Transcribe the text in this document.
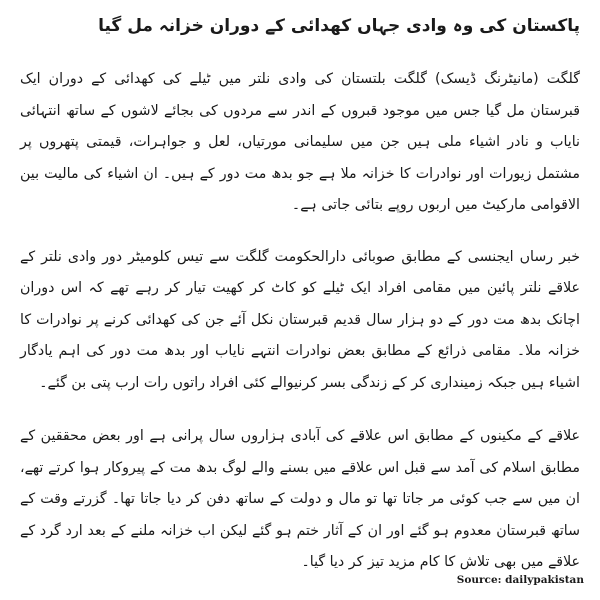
پاکستان کی وہ وادی جہاں کھدائی کے دوران خزانہ مل گیا

گلگت (مانیٹرنگ ڈیسک) گلگت بلتستان کی وادی نلتر میں ٹیلے کی کھدائی کے دوران ایک قبرستان مل گیا جس میں موجود قبروں کے اندر سے مردوں کی بجائے لاشوں کے ساتھ انتہائی نایاب و نادر اشیاء ملی ہیں جن میں سلیمانی مورتیاں، لعل و جواہرات، قیمتی پتھروں پر مشتمل زیورات اور نوادرات کا خزانہ ملا ہے جو بدھ مت دور کے ہیں۔ ان اشیاء کی مالیت بین الاقوامی مارکیٹ میں اربوں روپے بتائی جاتی ہے۔

خبر رساں ایجنسی کے مطابق صوبائی دارالحکومت گلگت سے تیس کلومیٹر دور وادی نلتر کے علاقے نلتر پائین میں مقامی افراد ایک ٹیلے کو کاٹ کر کھیت تیار کر رہے تھے کہ اس دوران اچانک بدھ مت دور کے دو ہزار سال قدیم قبرستان نکل آئے جن کی کھدائی کرنے پر نوادرات کا خزانہ ملا۔ مقامی ذرائع کے مطابق بعض نوادرات انتہے نایاب اور بدھ مت دور کی اہم یادگار اشیاء ہیں جبکہ زمینداری کر کے زندگی بسر کرنیوالے کئی افراد راتوں رات ارب پتی بن گئے۔

علاقے کے مکینوں کے مطابق اس علاقے کی آبادی ہزاروں سال پرانی ہے اور بعض محققین کے مطابق اسلام کی آمد سے قبل اس علاقے میں بسنے والے لوگ بدھ مت کے پیروکار ہوا کرتے تھے، ان میں سے جب کوئی مر جاتا تھا تو مال و دولت کے ساتھ دفن کر دیا جاتا تھا۔ گزرتے وقت کے ساتھ قبرستان معدوم ہو گئے اور ان کے آثار ختم ہو گئے لیکن اب خزانہ ملنے کے بعد ارد گرد کے علاقے میں بھی تلاش کا کام مزید تیز کر دیا گیا۔

Source: dailypakistan
